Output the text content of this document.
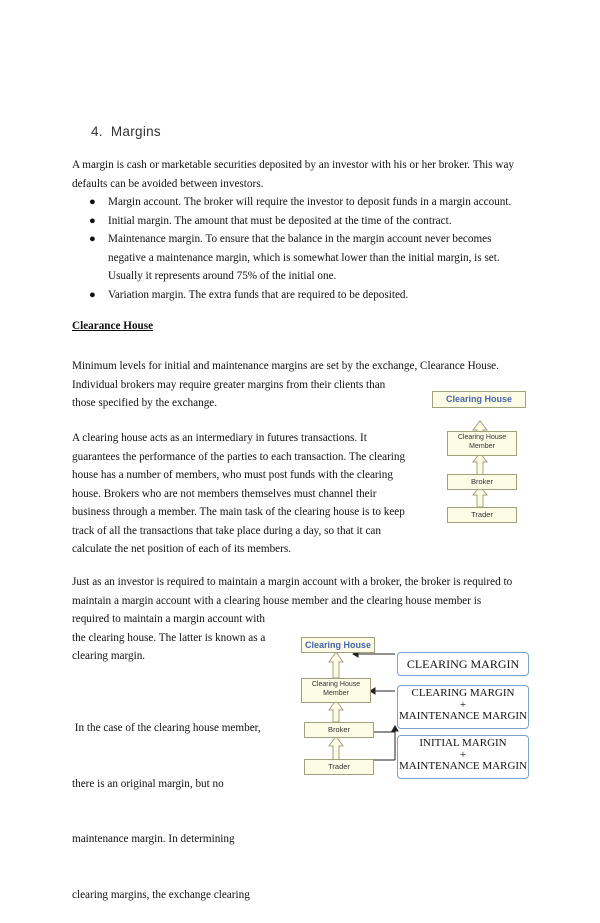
4. Margins
A margin is cash or marketable securities deposited by an investor with his or her broker. This way
defaults can be avoided between investors.
● Margin account. The broker will require the investor to deposit funds in a margin account.
● Initial margin. The amount that must be deposited at the time of the contract.
● Maintenance margin. To ensure that the balance in the margin account never becomes
negative a maintenance margin, which is somewhat lower than the initial margin, is set.
Usually it represents around 75% of the initial one.
● Variation margin. The extra funds that are required to be deposited.
Clearance House
Minimum levels for initial and maintenance margins are set by the exchange, Clearance House.
Individual brokers may require greater margins from their clients than
those specified by the exchange.
A clearing house acts as an intermediary in futures transactions. It
guarantees the performance of the parties to each transaction. The clearing
house has a number of members, who must post funds with the clearing
house. Brokers who are not members themselves must channel their
business through a member. The main task of the clearing house is to keep
track of all the transactions that take place during a day, so that it can
calculate the net position of each of its members.
Clearing House
Clearing House
Member
Broker
Trader
Just as an investor is required to maintain a margin account with a broker, the broker is required to
maintain a margin account with a clearing house member and the clearing house member is
required to maintain a margin account with
the clearing house. The latter is known as a
clearing margin.

In the case of the clearing house member,

there is an original margin, but no

maintenance margin. In determining

clearing margins, the exchange clearing

Clearing House
Clearing House
Member
Broker
Trader
CLEARING MARGIN
CLEARING MARGIN
+
MAINTENANCE MARGIN
INITIAL MARGIN
+
MAINTENANCE MARGIN
